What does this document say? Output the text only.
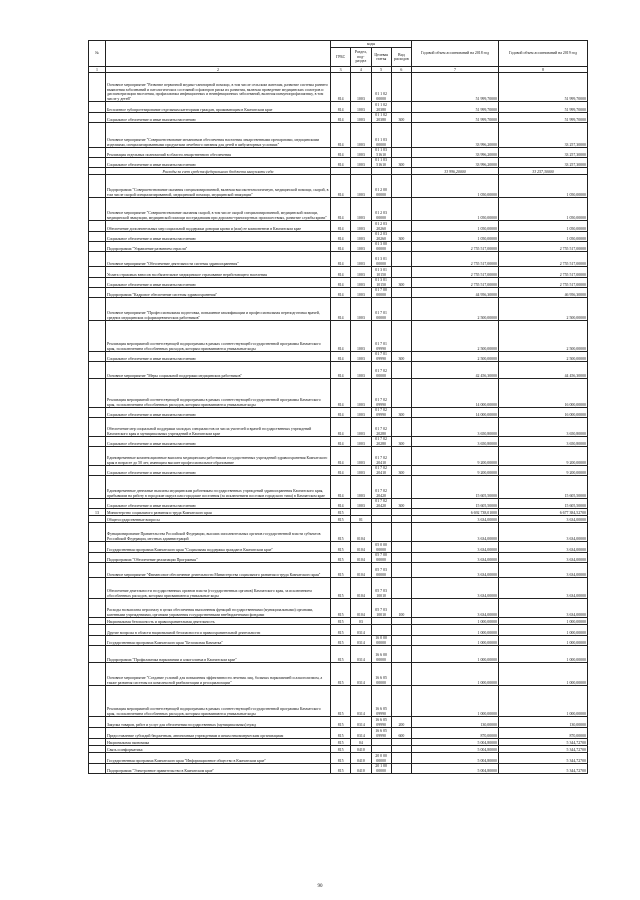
№		коды				Годовой объем ассигнований на 2018 год	Годовой объем ассигнований на 2019 год
		ГРБС	Раздел, под-раздел	Целевая статья	Вид расходов		
1	2	3	4	5	6	7	8
	Основное мероприятие "Развитие первичной медико-санитарной помощи, в том числе сельским жителям, развитие системы раннего выявления заболеваний и патологических состояний и факторов риска их развития, включая проведение медицинских осмотров и диспансеризации населения, профилактика инфекционных и неинфекционных заболеваний, включая иммунопрофилактику, в том числе у детей"	814	1003	01 1 02 00000		51 999,70000	51 999,70000
	Бесплатное зубопротезирование отдельным категориям граждан, проживающим в Камчатском крае	814	1003	01 1 02 20380		51 999,70000	51 999,70000
	Социальное обеспечение и иные выплаты населению	814	1003	01 1 02 20380	300	51 999,70000	51 999,70000
	Основное мероприятие "Совершенствование механизмов обеспечения населения лекарственными препаратами, медицинскими изделиями, специализированными продуктами лечебного питания для детей в амбулаторных условиях"	814	1003	01 1 03 00000		33 996,20000	33 257,30000
	Реализация отдельных полномочий в области лекарственного обеспечения	814	1003	01 1 03 51610		33 996,20000	33 257,30000
	Социальное обеспечение и иные выплаты населению	814	1003	01 1 03 51610	300	33 996,20000	33 257,30000
	Расходы за счет средств федерального бюджета мноуплати седа					33 996,20000	33 257,30000
	Подпрограмма "Совершенствование оказания специализированной, включая высокотехнологичную, медицинской помощи, скорой, в том числе скорой специализированной, медицинской помощи, медицинской эвакуации"	814	1003	01 2 00 00000		1 050,00000	1 050,00000
	Основное мероприятие "Совершенствование оказания скорой, в том числе скорой специализированной, медицинской помощи, медицинской эвакуации, медицинской помощи пострадавшим при дорожно-транспортных происшествиях, развитие службы крови"	814	1003	01 2 03 00000		1 050,00000	1 050,00000
	Обеспечение дополнительных мер социальной поддержки донорам крови и (или) ее компонентов в Камчатском крае	814	1003	01 2 03 20260		1 050,00000	1 050,00000
	Социальное обеспечение и иные выплаты населению	814	1003	01 2 03 20260	300	1 050,00000	1 050,00000
	Подпрограмма "Управление развитием отрасли"	814	1003	01 3 00 00000		2 755 517,00000	2 755 517,00000
	Основное мероприятие "Обеспечение деятельности системы здравоохранения"	814	1003	01 3 01 00000		2 755 517,00000	2 755 517,00000
	Уплата страховых взносов на обязательное медицинское страхование неработающего населения	814	1003	01 3 01 10150		2 755 517,00000	2 755 517,00000
	Социальное обеспечение и иные выплаты населению	814	1003	01 3 01 10150	300	2 755 517,00000	2 755 517,00000
	Подпрограмма "Кадровое обеспечение системы здравоохранения"	814	1003	01 7 00 00000		44 956,30000	46 956,30000
	Основное мероприятие "Профессиональная подготовка, повышение квалификации и профессиональная переподготовка врачей, средних медицинских и фармацевтических работников"	814	1003	01 7 01 00000		2 500,00000	2 500,00000
	Реализация мероприятий соответствующей подпрограммы в рамках соответствующей государственной программы Камчатского края, за исключением обособленных расходов, которым присваиваются уникальные коды	814	1003	01 7 01 09990		2 500,00000	2 500,00000
	Социальное обеспечение и иные выплаты населению	814	1003	01 7 01 09990	300	2 500,00000	2 500,00000
	Основное мероприятие "Меры социальной поддержки медицинских работников"	814	1003	01 7 02 00000		42 456,30000	44 456,30000
	Реализация мероприятий соответствующей подпрограммы в рамках соответствующей государственной программы Камчатского края, за исключением обособленных расходов, которым присваиваются уникальные коды	814	1003	01 7 02 09990		14 000,00000	16 000,00000
	Социальное обеспечение и иные выплаты населению	814	1003	01 7 02 09990	300	14 000,00000	16 000,00000
	Обеспечение мер социальной поддержки молодых специалистов из числа учителей и врачей государственных учреждений Камчатского края и муниципальных учреждений в Камчатском крае	814	1003	01 7 02 20280		3 650,80000	3 650,80000
	Социальное обеспечение и иные выплаты населению	814	1003	01 7 02 20280	300	3 650,80000	3 650,80000
	Единовременные компенсационные выплаты медицинским работникам государственных учреждений здравоохранения Камчатского края в возрасте до 50 лет, имеющим высшее профессиональное образование	814	1003	01 7 02 20410		9 200,00000	9 200,00000
	Социальное обеспечение и иные выплаты населению	814	1003	01 7 02 20410	300	9 200,00000	9 200,00000
	Единовременные денежные выплаты медицинским работникам государственных учреждений здравоохранения Камчатского края, прибывшим на работу в городские округа или городские поселения (за исключением поселков городского типа) в Камчатском крае	814	1003	01 7 02 20420		15 605,50000	15 605,50000
	Социальное обеспечение и иные выплаты населению	814	1003	01 7 02 20420	300	15 605,50000	15 605,50000
13	Министерство социального развития и труда Камчатского края	815				6 692 738,01000	6 677 384,52700
	Общегосударственные вопросы	815	01			3 634,00000	3 634,00000
	Функционирование Правительства Российской Федерации, высших исполнительных органов государственной власти субъектов Российской Федерации, местных администраций	815	0104			3 634,00000	3 634,00000
	Государственная программа Камчатского края "Социальная поддержка граждан в Камчатском крае"	815	0104	05 0 00 00000		3 634,00000	3 634,00000
	Подпрограмма "Обеспечение реализации Программы"	815	0104	05 7 00 00000		3 634,00000	3 634,00000
	Основное мероприятие "Финансовое обеспечение деятельности Министерства социального развития и труда Камчатского края"	815	0104	05 7 03 00000		3 634,00000	3 634,00000
	Обеспечение деятельности государственных органов власти (государственных органов) Камчатского края, за исключением обособленных расходов, которым присваиваются уникальные коды	815	0104	05 7 03 10010		3 634,00000	3 634,00000
	Расходы на выплаты персоналу в целях обеспечения выполнения функций государственными (муниципальными) органами, казенными учреждениями, органами управления государственными внебюджетными фондами	815	0104	05 7 03 10010	100	3 634,00000	3 634,00000
	Национальная безопасность и правоохранительная деятельность	815	03			1 000,00000	1 000,00000
	Другие вопросы в области национальной безопасности и правоохранительной деятельности	815	0314			1 000,00000	1 000,00000
	Государственная программа Камчатского края "Безопасная Камчатка"	815	0314	16 0 00 00000		1 000,00000	1 000,00000
	Подпрограмма "Профилактика наркомании и алкоголизма в Камчатском крае"	815	0314	16 6 00 00000		1 000,00000	1 000,00000
	Основное мероприятие "Создание условий для повышения эффективности лечения лиц, больных наркоманией и алкоголизмом, а также развития системы их комплексной реабилитации и ресоциализации"	815	0314	16 6 05 00000		1 000,00000	1 000,00000
	Реализация мероприятий соответствующей подпрограммы в рамках соответствующей государственной программы Камчатского края, за исключением обособленных расходов, которым присваиваются уникальные коды	815	0314	16 6 05 09990		1 000,00000	1 000,00000
	Закупка товаров, работ и услуг для обеспечения государственных (муниципальных) нужд	815	0314	16 6 05 09990	200	130,00000	130,00000
	Предоставление субсидий бюджетным, автономным учреждениям и иным некоммерческим организациям	815	0314	16 6 05 09990	600	870,00000	870,00000
	Национальная экономика	815	04			5 004,80000	5 344,72700
	Связь и информатика	815	0410			5 004,80000	5 344,72700
	Государственная программа Камчатского края "Информационное общество в Камчатском крае"	815	0410	20 0 00 00000		5 004,80000	5 344,72700
	Подпрограмма "Электронное правительство в Камчатском крае"	815	0410	20 1 00 00000		5 004,80000	5 344,72700
90
